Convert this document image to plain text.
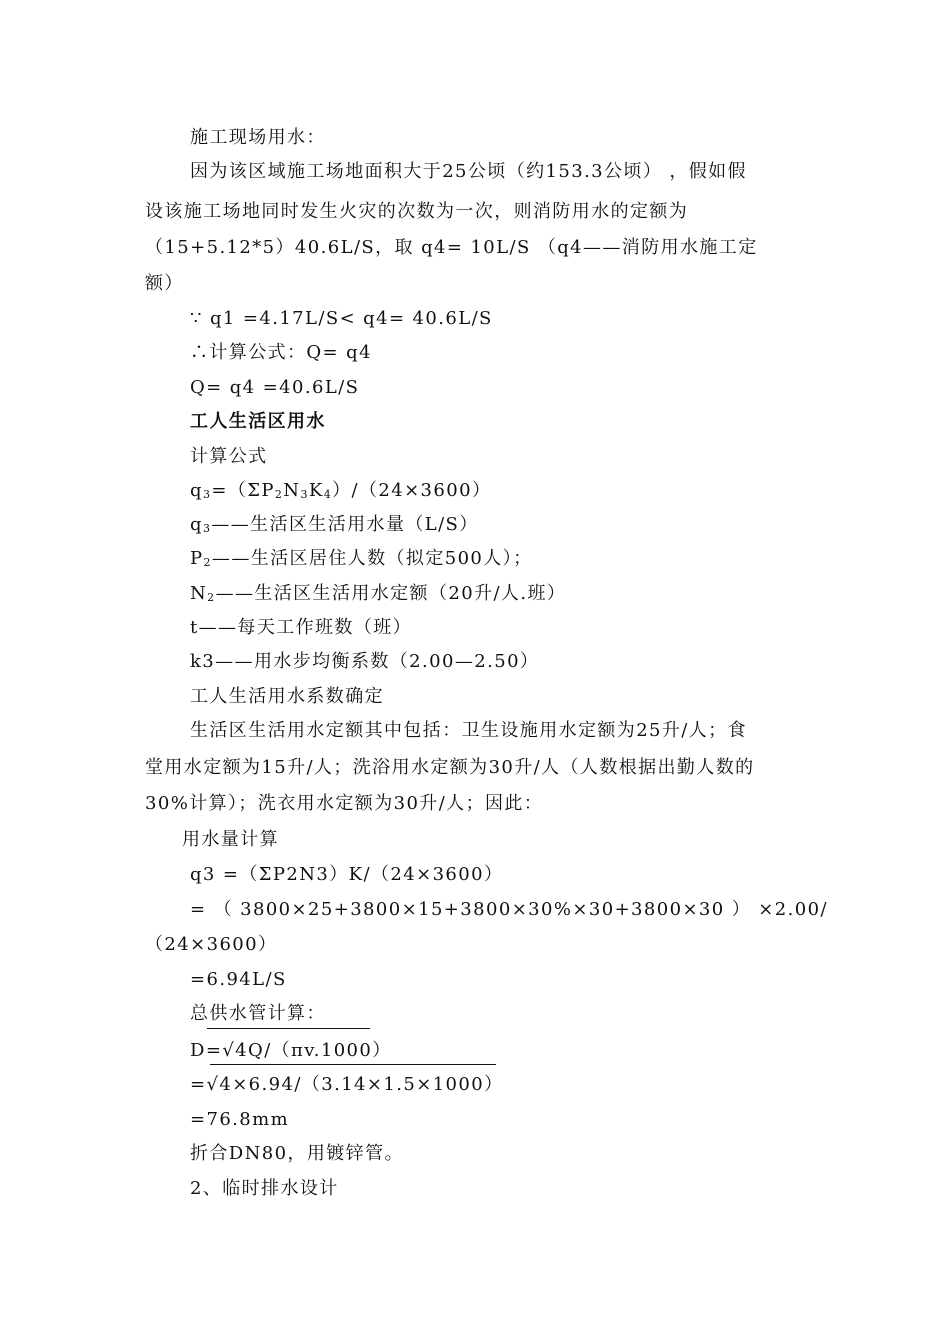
施工现场用水：
因为该区域施工场地面积大于25公顷（约153.3公顷） ，假如假
设该施工场地同时发生火灾的次数为一次，则消防用水的定额为
（15+5.12*5）40.6L/S，取 q4= 10L/S （q4——消防用水施工定
额）
∵ q1 =4.17L/S< q4= 40.6L/S
∴计算公式：Q= q4
Q= q4 =40.6L/S
工人生活区用水
计算公式
$q_3=(\Sigma P_2N_3K_4)/(24\times 3600)$
$q_3——$生活区生活用水量（L/S）
$P_2——$生活区居住人数（拟定500人）；
$N_2——$生活区生活用水定额（20升/人.班）
t——每天工作班数（班）
k3——用水步均衡系数（2.00—2.50）
工人生活用水系数确定
生活区生活用水定额其中包括：卫生设施用水定额为25升/人；食
堂用水定额为15升/人；洗浴用水定额为30升/人（人数根据出勤人数的
30%计算）；洗衣用水定额为30升/人；因此：
用水量计算
q3 =（ΣP2N3）K/（24×3600）
= （ 3800×25+3800×15+3800×30%×30+3800×30 ） ×2.00/
（24×3600）
=6.94L/S
总供水管计算：
D=√4Q/（πv.1000）
=√4×6.94/（3.14×1.5×1000）
=76.8mm
折合DN80，用镀锌管。
2、临时排水设计
